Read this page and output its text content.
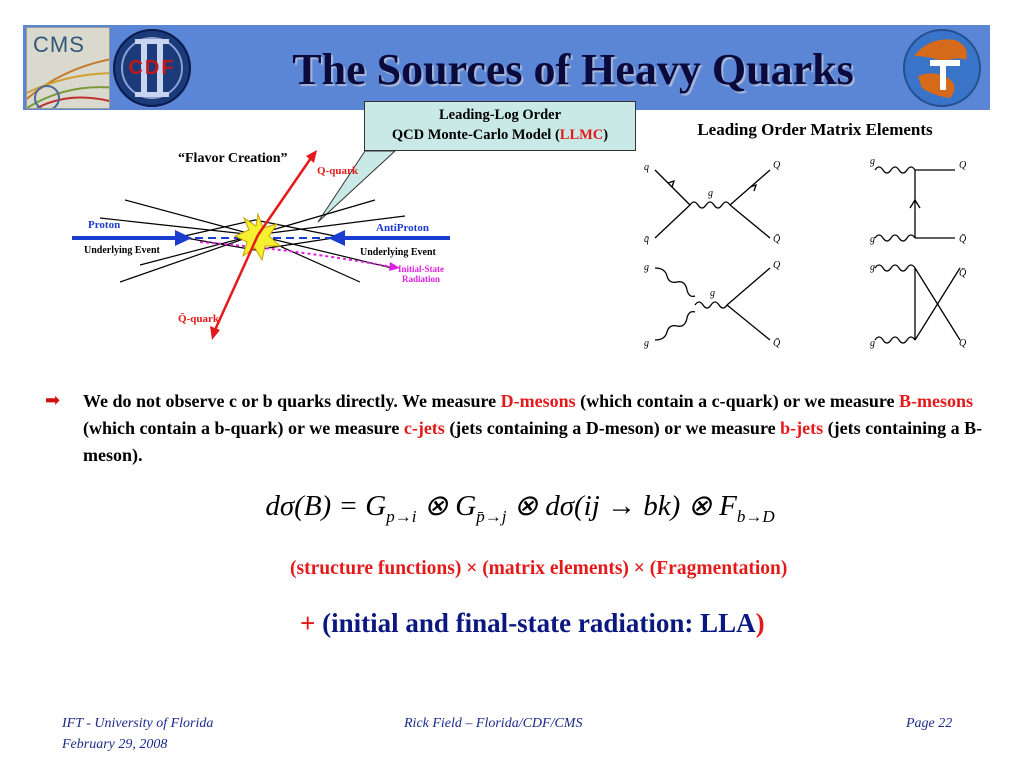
The Sources of Heavy Quarks
CMS
CDF
Leading-Log Order
QCD Monte-Carlo Model (LLMC)
“Flavor Creation”
Q-quark
Q̄-quark
Proton	AntiProton
Underlying Event	Underlying Event
Initial-State
Radiation
Leading Order Matrix Elements
q
q̄
g
Q
Q̄
g
g
Q
Q̄
g
g
g
Q
Q̄
g
g
Q̄
Q
➡	We do not observe c or b quarks directly. We measure D-mesons (which contain a c-quark) or we measure B-mesons (which contain a b-quark) or we measure c-jets (jets containing a D-meson) or we measure b-jets (jets containing a B-meson).
$d\sigma(B) = G_{p\to i}$ ⊗ $G_{p̄\to j}$ ⊗ dσ(ij → bk) ⊗ $F_{b\to D}$
(structure functions) × (matrix elements) × (Fragmentation)
+ (initial and final-state radiation: LLA)
IFT - University of Florida
February 29, 2008
Rick Field – Florida/CDF/CMS	Page 22
